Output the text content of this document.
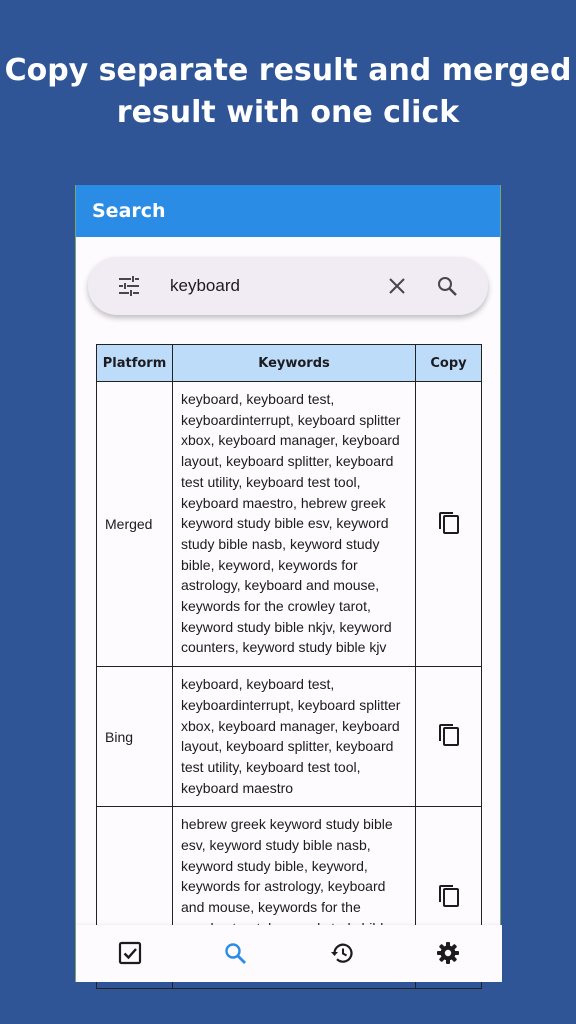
Copy separate result and merged
result with one click
Search
keyboard
Platform	Keywords	Copy
Merged	keyboard, keyboard test, keyboardinterrupt, keyboard splitter xbox, keyboard manager, keyboard layout, keyboard splitter, keyboard test utility, keyboard test tool, keyboard maestro, hebrew greek keyword study bible esv, keyword study bible nasb, keyword study bible, keyword, keywords for astrology, keyboard and mouse, keywords for the crowley tarot, keyword study bible nkjv, keyword counters, keyword study bible kjv	
Bing	keyboard, keyboard test, keyboardinterrupt, keyboard splitter xbox, keyboard manager, keyboard layout, keyboard splitter, keyboard test utility, keyboard test tool, keyboard maestro	
	hebrew greek keyword study bible esv, keyword study bible nasb, keyword study bible, keyword, keywords for astrology, keyboard and mouse, keywords for the	
